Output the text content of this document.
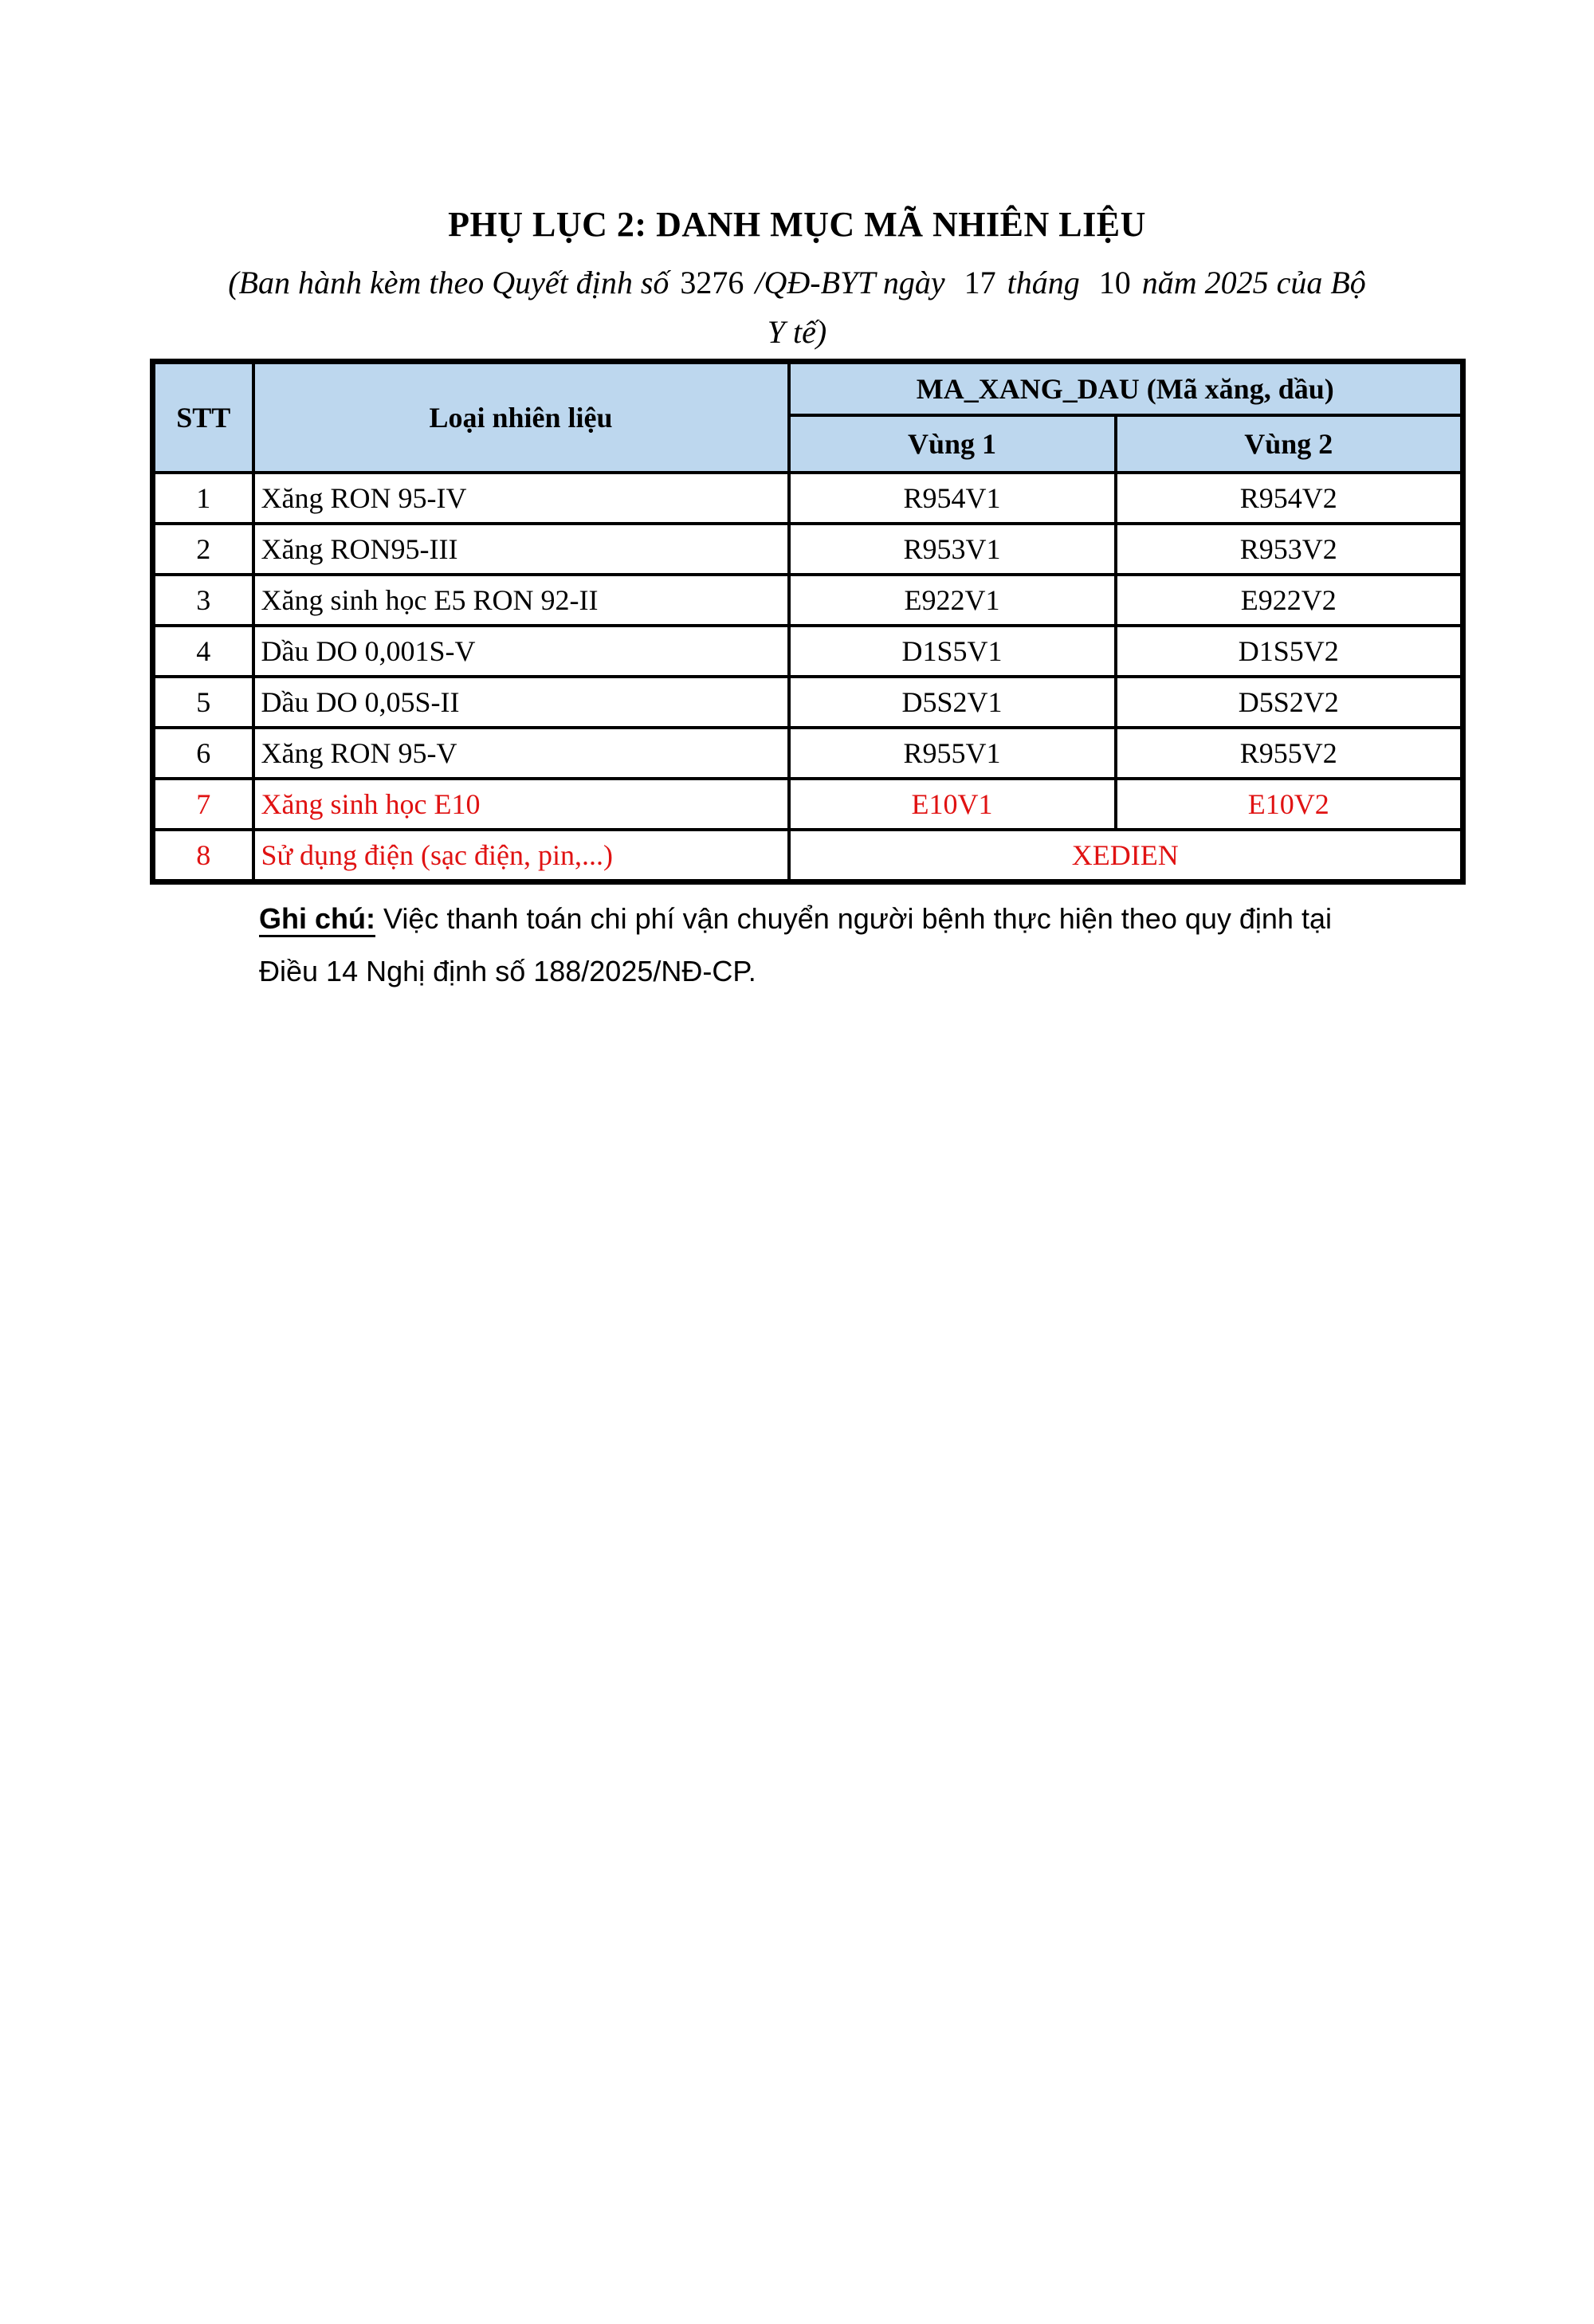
PHỤ LỤC 2: DANH MỤC MÃ NHIÊN LIỆU
(Ban hành kèm theo Quyết định số 3276 /QĐ-BYT ngày 17 tháng 10 năm 2025 của Bộ
Y tế)
STT	Loại nhiên liệu	MA_XANG_DAU (Mã xăng, dầu)	
		Vùng 1	Vùng 2
1	Xăng RON 95-IV	R954V1	R954V2
2	Xăng RON95-III	R953V1	R953V2
3	Xăng sinh học E5 RON 92-II	E922V1	E922V2
4	Dầu DO 0,001S-V	D1S5V1	D1S5V2
5	Dầu DO 0,05S-II	D5S2V1	D5S2V2
6	Xăng RON 95-V	R955V1	R955V2
7	Xăng sinh học E10	E10V1	E10V2
8	Sử dụng điện (sạc điện, pin,...)	XEDIEN	
Ghi chú: Việc thanh toán chi phí vận chuyển người bệnh thực hiện theo quy định tại
Điều 14 Nghị định số 188/2025/NĐ-CP.
